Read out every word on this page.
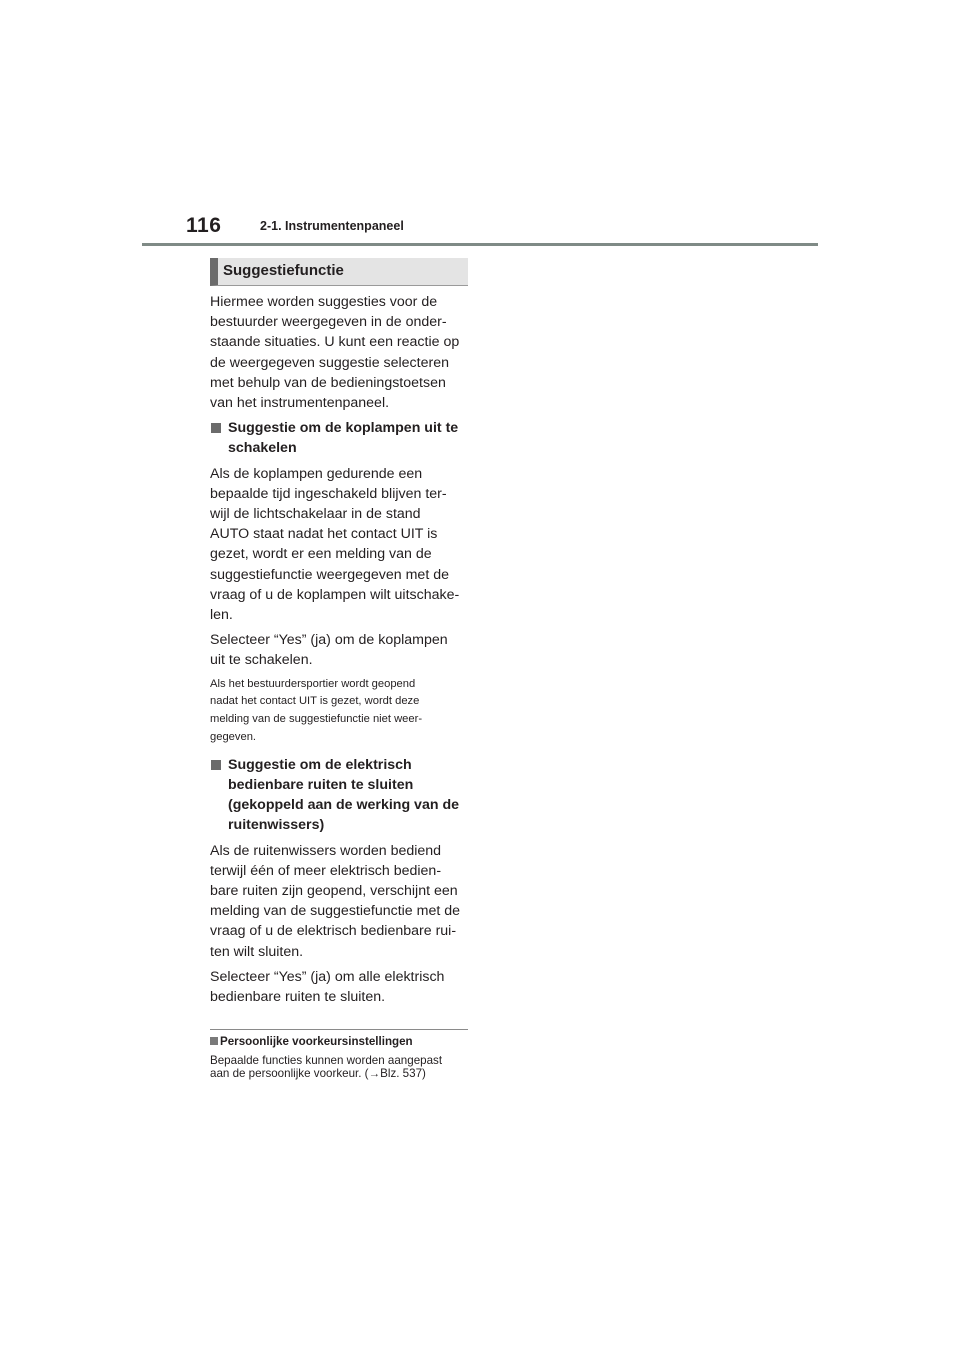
116	2-1. Instrumentenpaneel
Suggestiefunctie
Hiermee worden suggesties voor de
bestuurder weergegeven in de onder-
staande situaties. U kunt een reactie op
de weergegeven suggestie selecteren
met behulp van de bedieningstoetsen
van het instrumentenpaneel.
Suggestie om de koplampen uit te
schakelen
Als de koplampen gedurende een
bepaalde tijd ingeschakeld blijven ter-
wijl de lichtschakelaar in de stand
AUTO staat nadat het contact UIT is
gezet, wordt er een melding van de
suggestiefunctie weergegeven met de
vraag of u de koplampen wilt uitschake-
len.
Selecteer “Yes” (ja) om de koplampen
uit te schakelen.
Als het bestuurdersportier wordt geopend
nadat het contact UIT is gezet, wordt deze
melding van de suggestiefunctie niet weer-
gegeven.
Suggestie om de elektrisch
bedienbare ruiten te sluiten
(gekoppeld aan de werking van de
ruitenwissers)
Als de ruitenwissers worden bediend
terwijl één of meer elektrisch bedien-
bare ruiten zijn geopend, verschijnt een
melding van de suggestiefunctie met de
vraag of u de elektrisch bedienbare rui-
ten wilt sluiten.
Selecteer “Yes” (ja) om alle elektrisch
bedienbare ruiten te sluiten.
Persoonlijke voorkeursinstellingen
Bepaalde functies kunnen worden aangepast
aan de persoonlijke voorkeur. (→Blz. 537)
